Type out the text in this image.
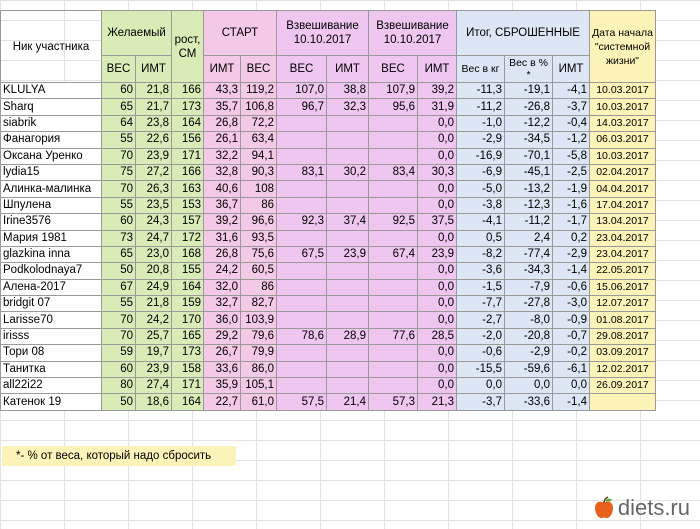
Ник участника	Желаемый		рост, СМ	СТАРТ		Взвешивание 10.10.2017		Взвешивание 10.10.2017		Итог, СБРОШЕННЫЕ			Дата начала "системной жизни"
	ВЕС	ИМТ		ИМТ	ВЕС	ВЕС	ИМТ	ВЕС	ИМТ	Вес в кг	Вес в % *	ИМТ	
KLULYA	60	21,8	166	43,3	119,2	107,0	38,8	107,9	39,2	-11,3	-19,1	-4,1	10.03.2017
Sharq	65	21,7	173	35,7	106,8	96,7	32,3	95,6	31,9	-11,2	-26,8	-3,7	10.03.2017
siabrik	64	23,8	164	26,8	72,2				0,0	-1,0	-12,2	-0,4	14.03.2017
Фанагория	55	22,6	156	26,1	63,4				0,0	-2,9	-34,5	-1,2	06.03.2017
Оксана Уренко	70	23,9	171	32,2	94,1				0,0	-16,9	-70,1	-5,8	10.03.2017
lydia15	75	27,2	166	32,8	90,3	83,1	30,2	83,4	30,3	-6,9	-45,1	-2,5	02.04.2017
Алинка-малинка	70	26,3	163	40,6	108				0,0	-5,0	-13,2	-1,9	04.04.2017
Шпулена	55	23,5	153	36,7	86				0,0	-3,8	-12,3	-1,6	17.04.2017
Irine3576	60	24,3	157	39,2	96,6	92,3	37,4	92,5	37,5	-4,1	-11,2	-1,7	13.04.2017
Мария 1981	73	24,7	172	31,6	93,5				0,0	0,5	2,4	0,2	23.04.2017
glazkina inna	65	23,0	168	26,8	75,6	67,5	23,9	67,4	23,9	-8,2	-77,4	-2,9	23.04.2017
Podkolodnaya7	50	20,8	155	24,2	60,5				0,0	-3,6	-34,3	-1,4	22.05.2017
Алена-2017	67	24,9	164	32,0	86				0,0	-1,5	-7,9	-0,6	15.06.2017
bridgit 07	55	21,8	159	32,7	82,7				0,0	-7,7	-27,8	-3,0	12.07.2017
Larisse70	70	24,2	170	36,0	103,9				0,0	-2,7	-8,0	-0,9	01.08.2017
irisss	70	25,7	165	29,2	79,6	78,6	28,9	77,6	28,5	-2,0	-20,8	-0,7	29.08.2017
Тори 08	59	19,7	173	26,7	79,9				0,0	-0,6	-2,9	-0,2	03.09.2017
Танитка	60	23,9	158	33,6	86,0				0,0	-15,5	-59,6	-6,1	12.02.2017
all22i22	80	27,4	171	35,9	105,1				0,0	0,0	0,0	0,0	26.09.2017
Катенок 19	50	18,6	164	22,7	61,0	57,5	21,4	57,3	21,3	-3,7	-33,6	-1,4	
*- % от веса, который надо сбросить
diets.ru
